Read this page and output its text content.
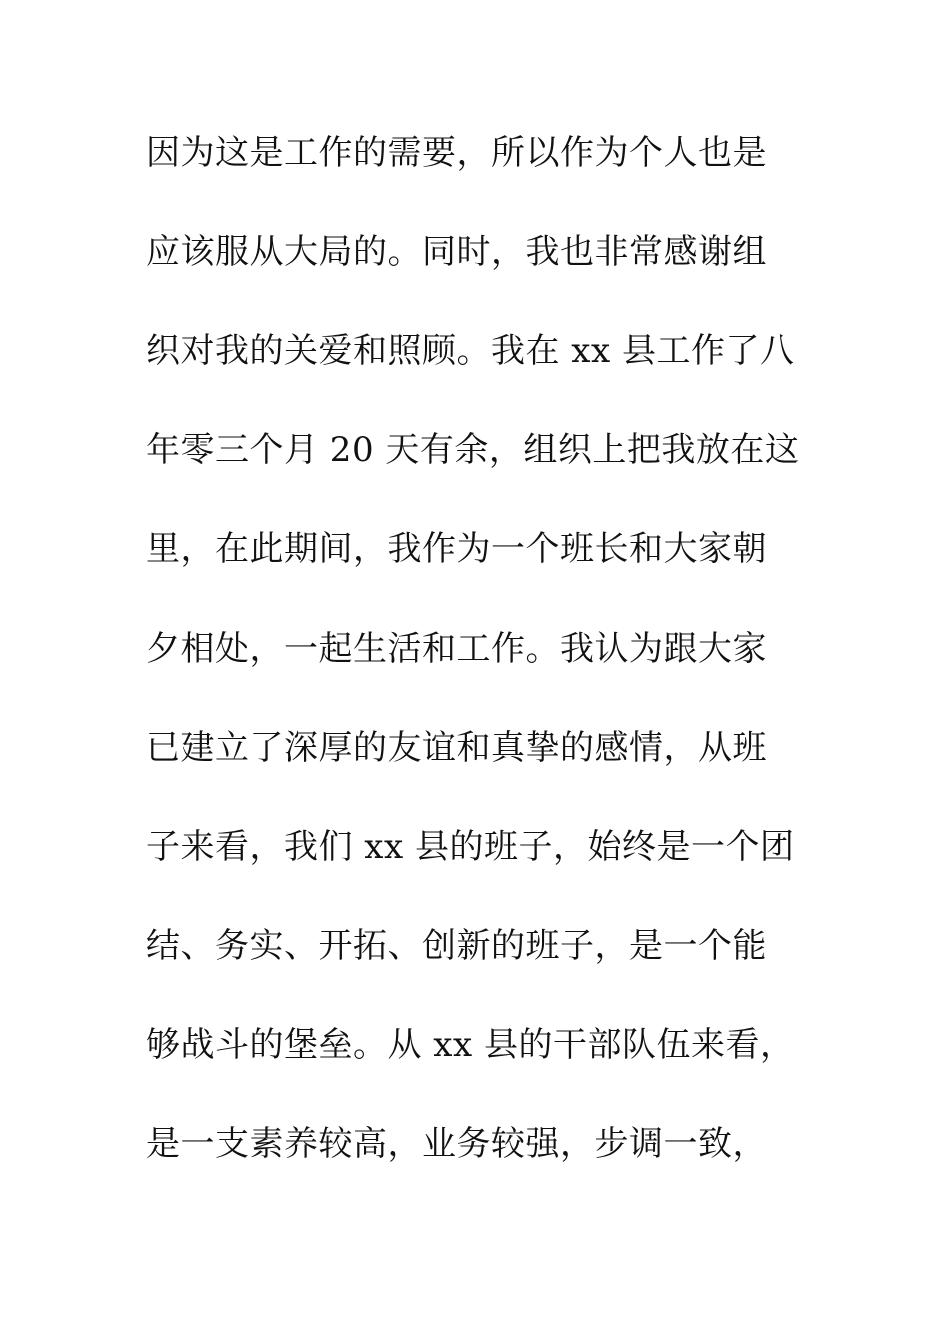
因为这是工作的需要，所以作为个人也是
应该服从大局的。同时，我也非常感谢组
织对我的关爱和照顾。我在 xx 县工作了八
年零三个月 20 天有余，组织上把我放在这
里，在此期间，我作为一个班长和大家朝
夕相处，一起生活和工作。我认为跟大家
已建立了深厚的友谊和真挚的感情，从班
子来看，我们 xx 县的班子，始终是一个团
结、务实、开拓、创新的班子，是一个能
够战斗的堡垒。从 xx 县的干部队伍来看，
是一支素养较高，业务较强，步调一致，
